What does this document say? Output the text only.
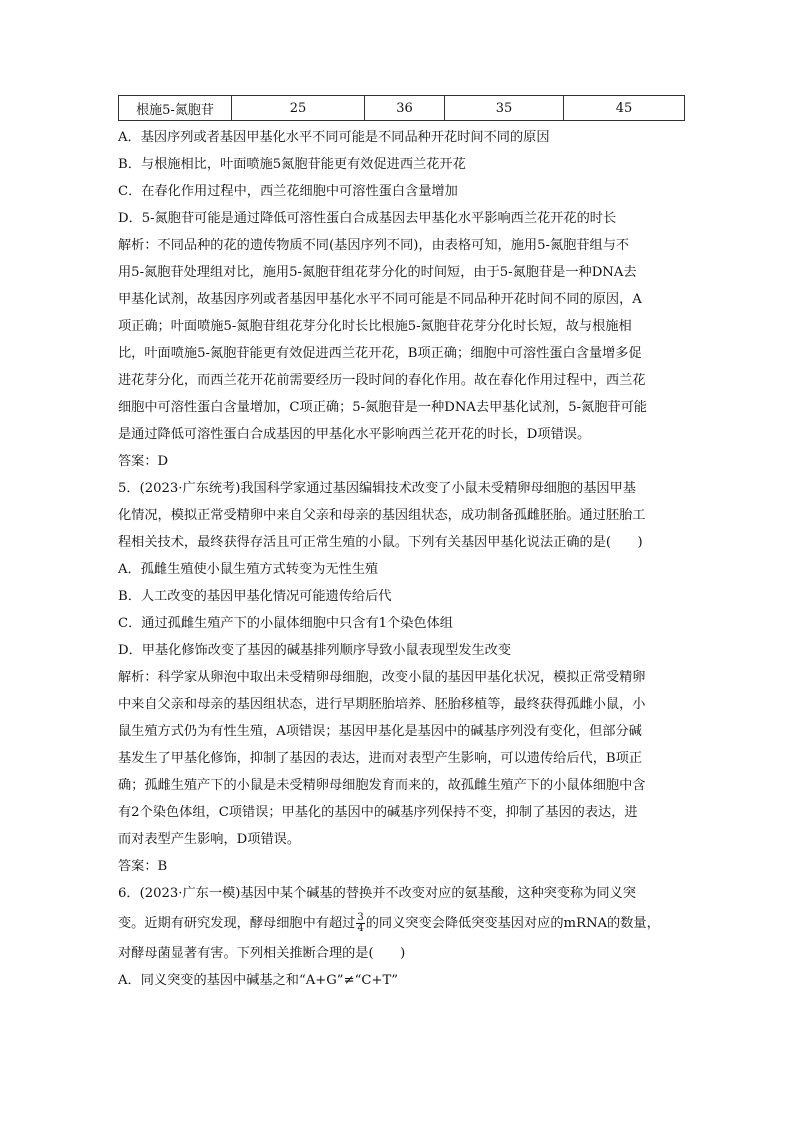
根施5-氮胞苷	25	36	35	45
A．基因序列或者基因甲基化水平不同可能是不同品种开花时间不同的原因
B．与根施相比，叶面喷施5氮胞苷能更有效促进西兰花开花
C．在春化作用过程中，西兰花细胞中可溶性蛋白含量增加
D．5-氮胞苷可能是通过降低可溶性蛋白合成基因去甲基化水平影响西兰花开花的时长
解析：不同品种的花的遗传物质不同(基因序列不同)，由表格可知，施用5-氮胞苷组与不
用5-氮胞苷处理组对比，施用5-氮胞苷组花芽分化的时间短，由于5-氮胞苷是一种DNA去
甲基化试剂，故基因序列或者基因甲基化水平不同可能是不同品种开花时间不同的原因，A
项正确；叶面喷施5-氮胞苷组花芽分化时长比根施5-氮胞苷花芽分化时长短，故与根施相
比，叶面喷施5-氮胞苷能更有效促进西兰花开花，B项正确；细胞中可溶性蛋白含量增多促
进花芽分化，而西兰花开花前需要经历一段时间的春化作用。故在春化作用过程中，西兰花
细胞中可溶性蛋白含量增加，C项正确；5-氮胞苷是一种DNA去甲基化试剂，5-氮胞苷可能
是通过降低可溶性蛋白合成基因的甲基化水平影响西兰花开花的时长，D项错误。
答案：D
5．(2023·广东统考)我国科学家通过基因编辑技术改变了小鼠未受精卵母细胞的基因甲基
化情况，模拟正常受精卵中来自父亲和母亲的基因组状态，成功制备孤雌胚胎。通过胚胎工
程相关技术，最终获得存活且可正常生殖的小鼠。下列有关基因甲基化说法正确的是(　　)
A．孤雌生殖使小鼠生殖方式转变为无性生殖
B．人工改变的基因甲基化情况可能遗传给后代
C．通过孤雌生殖产下的小鼠体细胞中只含有1个染色体组
D．甲基化修饰改变了基因的碱基排列顺序导致小鼠表现型发生改变
解析：科学家从卵泡中取出未受精卵母细胞，改变小鼠的基因甲基化状况，模拟正常受精卵
中来自父亲和母亲的基因组状态，进行早期胚胎培养、胚胎移植等，最终获得孤雌小鼠，小
鼠生殖方式仍为有性生殖，A项错误；基因甲基化是基因中的碱基序列没有变化，但部分碱
基发生了甲基化修饰，抑制了基因的表达，进而对表型产生影响，可以遗传给后代，B项正
确；孤雌生殖产下的小鼠是未受精卵母细胞发育而来的，故孤雌生殖产下的小鼠体细胞中含
有2个染色体组，C项错误；甲基化的基因中的碱基序列保持不变，抑制了基因的表达，进
而对表型产生影响，D项错误。
答案：B
6．(2023·广东一模)基因中某个碱基的替换并不改变对应的氨基酸，这种突变称为同义突
变。近期有研究发现，酵母细胞中有超过 $\frac{3}{4}$ 的同义突变会降低突变基因对应的mRNA的数量，
对酵母菌显著有害。下列相关推断合理的是(　　)
A．同义突变的基因中碱基之和“A+G”≠“C+T”
